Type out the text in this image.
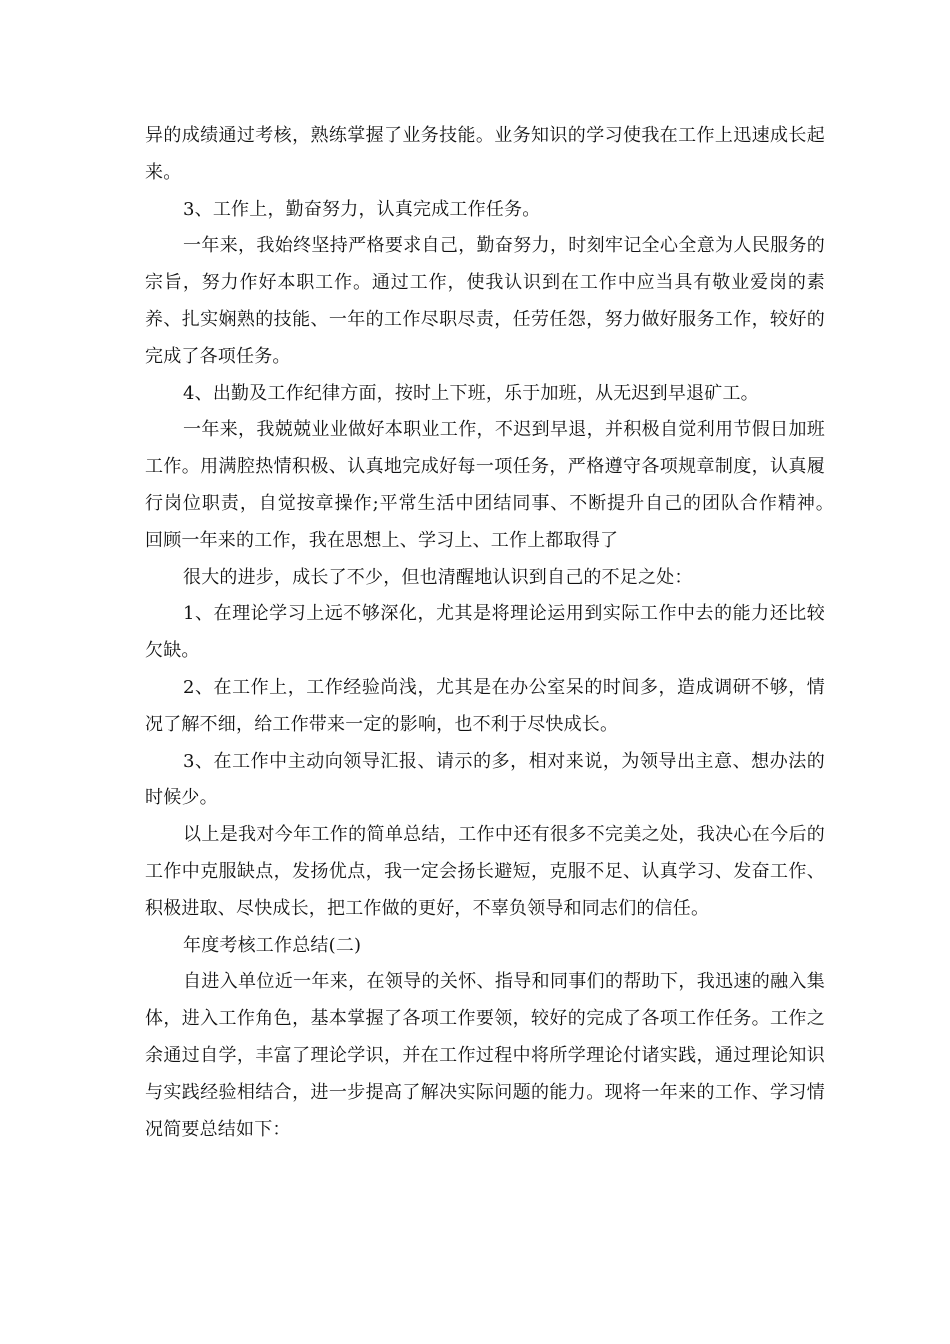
异的成绩通过考核，熟练掌握了业务技能。业务知识的学习使我在工作上迅速成长起来。

3、工作上，勤奋努力，认真完成工作任务。

一年来，我始终坚持严格要求自己，勤奋努力，时刻牢记全心全意为人民服务的宗旨，努力作好本职工作。通过工作，使我认识到在工作中应当具有敬业爱岗的素养、扎实娴熟的技能、一年的工作尽职尽责，任劳任怨，努力做好服务工作，较好的完成了各项任务。

4、出勤及工作纪律方面，按时上下班，乐于加班，从无迟到早退矿工。

一年来，我兢兢业业做好本职业工作，不迟到早退，并积极自觉利用节假日加班工作。用满腔热情积极、认真地完成好每一项任务，严格遵守各项规章制度，认真履行岗位职责，自觉按章操作;平常生活中团结同事、不断提升自己的团队合作精神。　 回顾一年来的工作，我在思想上、学习上、工作上都取得了

很大的进步，成长了不少，但也清醒地认识到自己的不足之处：

1、在理论学习上远不够深化，尤其是将理论运用到实际工作中去的能力还比较欠缺。

2、在工作上，工作经验尚浅，尤其是在办公室呆的时间多，造成调研不够，情况了解不细，给工作带来一定的影响，也不利于尽快成长。

3、在工作中主动向领导汇报、请示的多，相对来说，为领导出主意、想办法的时候少。

以上是我对今年工作的简单总结，工作中还有很多不完美之处，我决心在今后的工作中克服缺点，发扬优点，我一定会扬长避短，克服不足、认真学习、发奋工作、积极进取、尽快成长，把工作做的更好，不辜负领导和同志们的信任。

年度考核工作总结(二)

自进入单位近一年来，在领导的关怀、指导和同事们的帮助下，我迅速的融入集体，进入工作角色，基本掌握了各项工作要领，较好的完成了各项工作任务。工作之余通过自学，丰富了理论学识，并在工作过程中将所学理论付诸实践，通过理论知识与实践经验相结合，进一步提高了解决实际问题的能力。现将一年来的工作、学习情况简要总结如下：
